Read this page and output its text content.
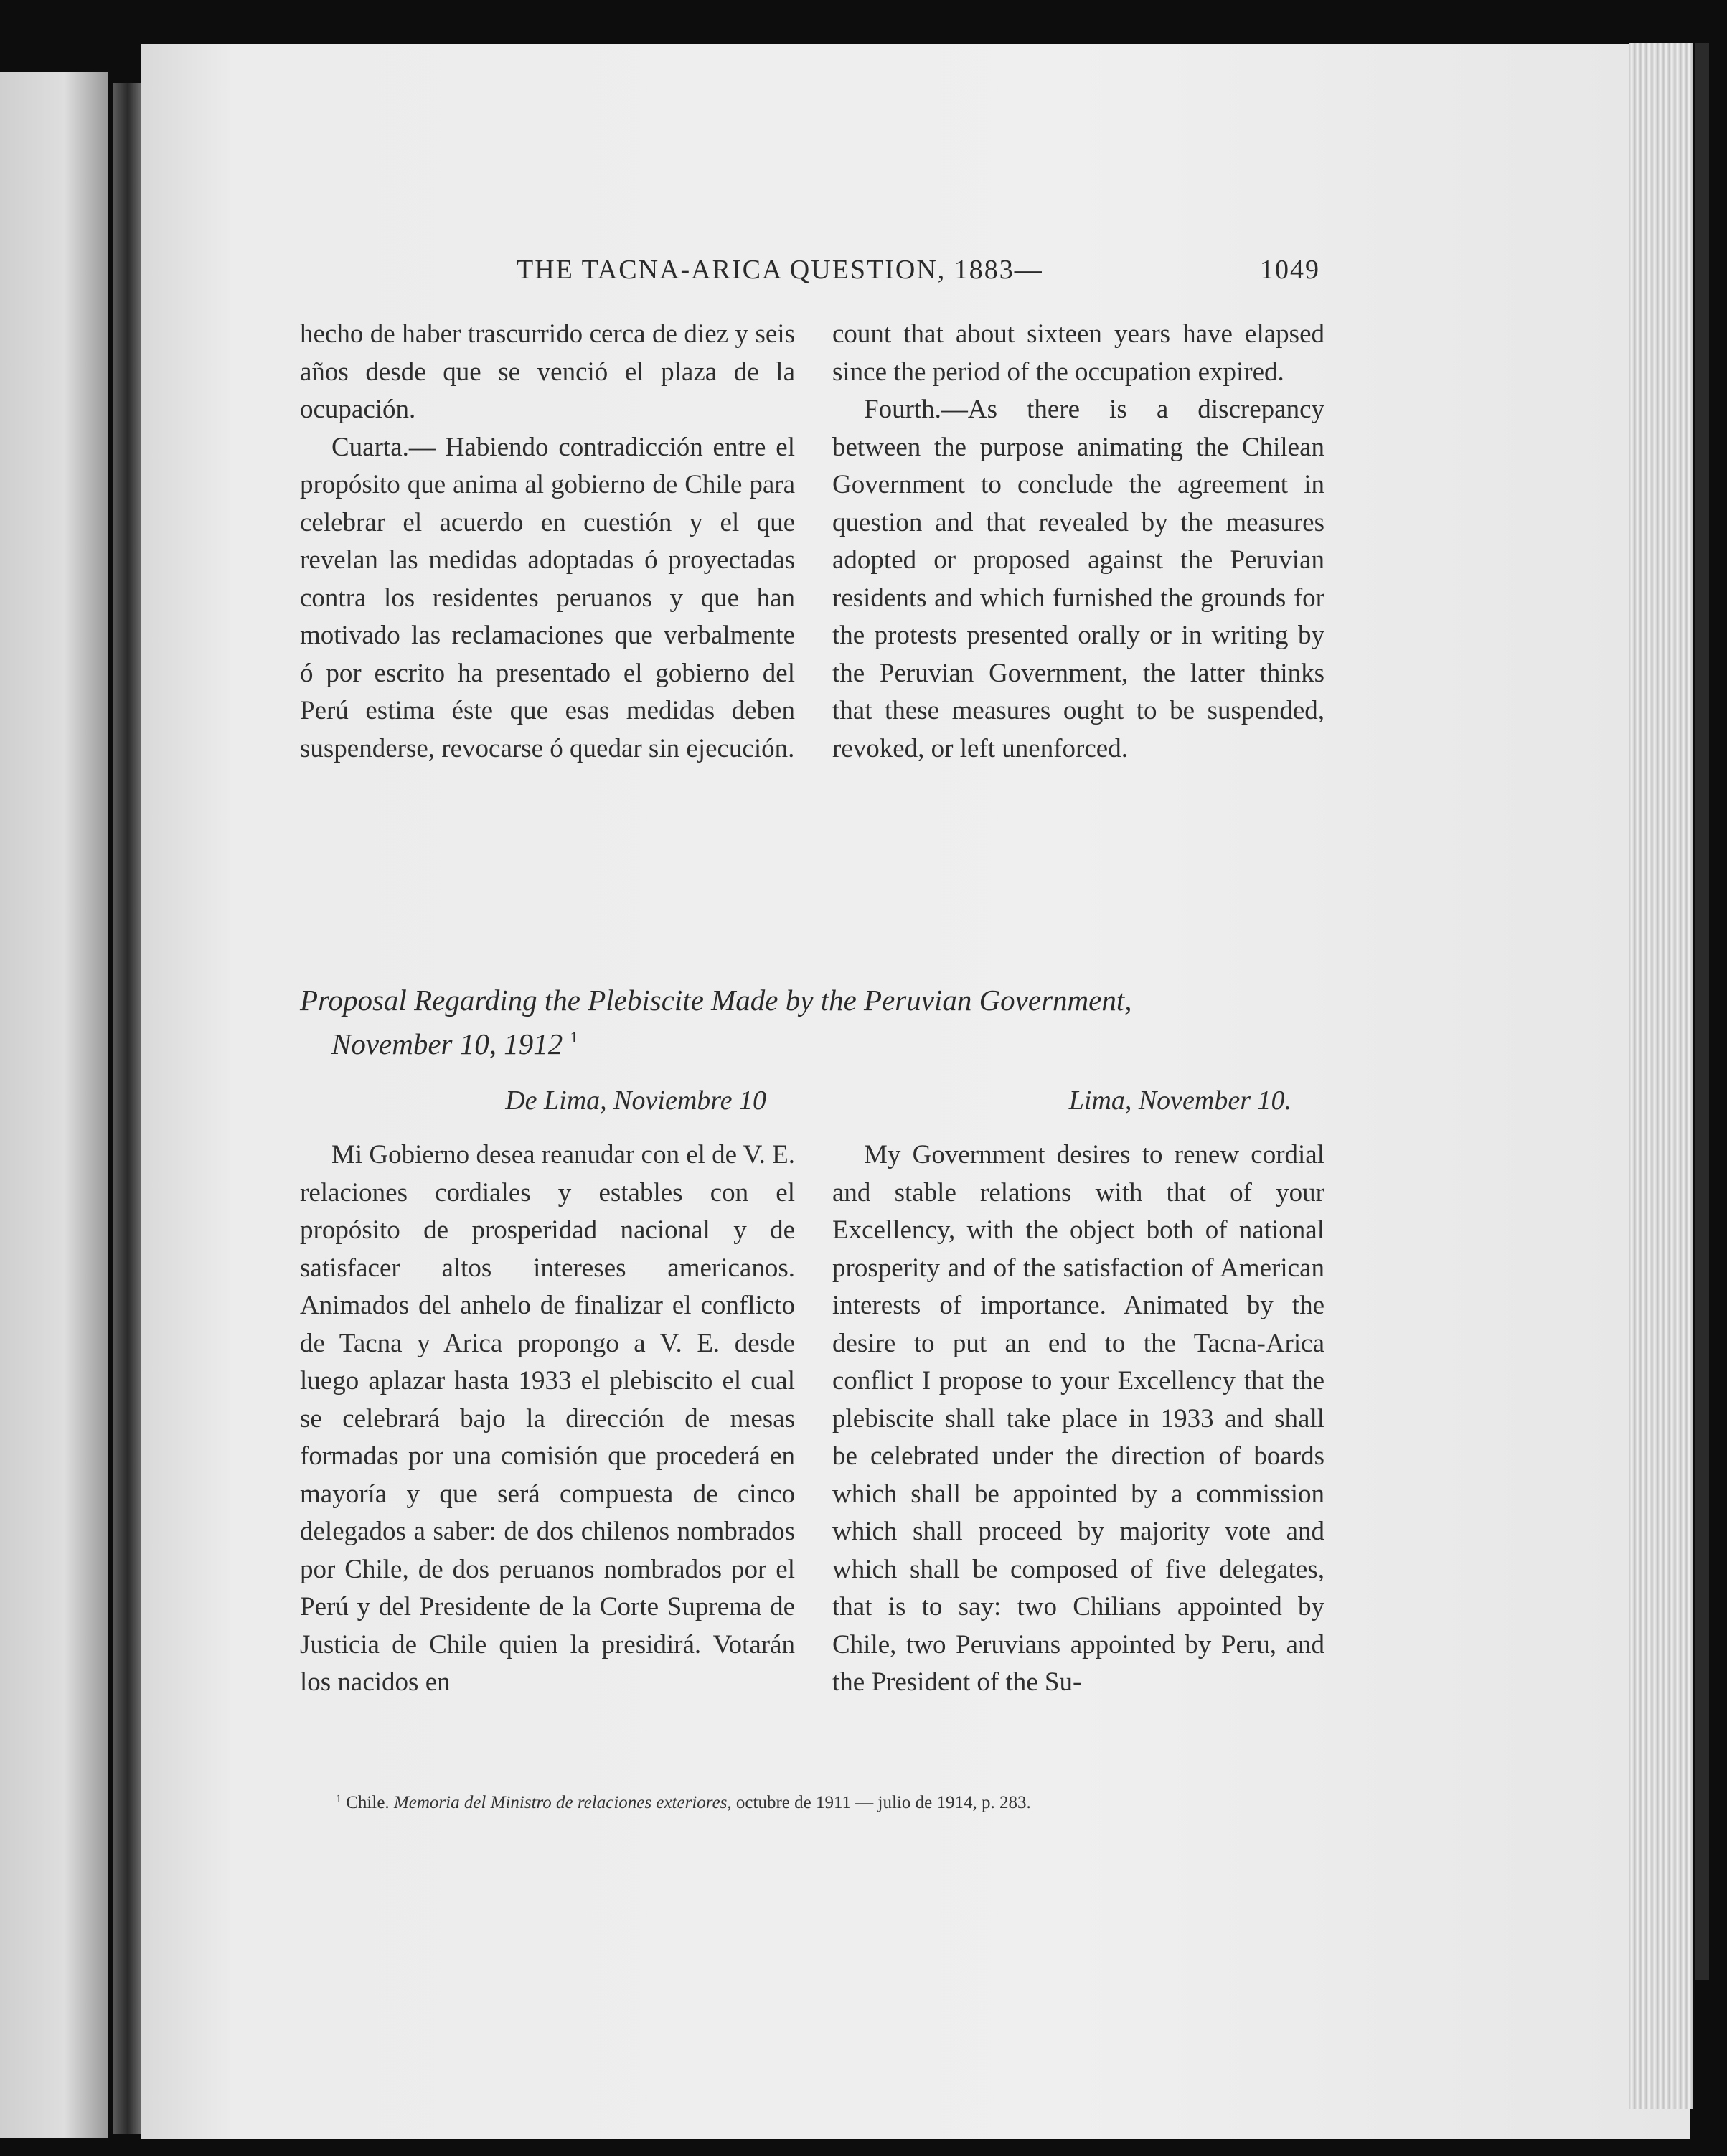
THE TACNA-ARICA QUESTION, 1883—	1049

hecho de haber trascurrido cerca de diez y seis años desde que se venció el plaza de la ocupación.

Cuarta.— Habiendo contradicción entre el propósito que anima al gobierno de Chile para celebrar el acuerdo en cuestión y el que revelan las medidas adoptadas ó proyectadas contra los residentes peruanos y que han motivado las reclamaciones que verbalmente ó por escrito ha presentado el gobierno del Perú estima éste que esas medidas deben suspenderse, revocarse ó quedar sin ejecución.

count that about sixteen years have elapsed since the period of the occupation expired.

Fourth.—As there is a discrepancy between the purpose animating the Chilean Government to conclude the agreement in question and that revealed by the measures adopted or proposed against the Peruvian residents and which furnished the grounds for the protests presented orally or in writing by the Peruvian Government, the latter thinks that these measures ought to be suspended, revoked, or left unenforced.

Proposal Regarding the Plebiscite Made by the Peruvian Government,
November 10, 1912 $^1$
De Lima, Noviembre 10	Lima, November 10.

Mi Gobierno desea reanudar con el de V. E. relaciones cordiales y estables con el propósito de prosperidad nacional y de satisfacer altos intereses americanos. Animados del anhelo de finalizar el conflicto de Tacna y Arica propongo a V. E. desde luego aplazar hasta 1933 el plebiscito el cual se celebrará bajo la dirección de mesas formadas por una comisión que procederá en mayoría y que será compuesta de cinco delegados a saber: de dos chilenos nombrados por Chile, de dos peruanos nombrados por el Perú y del Presidente de la Corte Suprema de Justicia de Chile quien la presidirá. Votarán los nacidos en

My Government desires to renew cordial and stable relations with that of your Excellency, with the object both of national prosperity and of the satisfaction of American interests of importance. Animated by the desire to put an end to the Tacna-Arica conflict I propose to your Excellency that the plebiscite shall take place in 1933 and shall be celebrated under the direction of boards which shall be appointed by a commission which shall proceed by majority vote and which shall be composed of five delegates, that is to say: two Chilians appointed by Chile, two Peruvians appointed by Peru, and the President of the Su-

$^1$ Chile. Memoria del Ministro de relaciones exteriores, octubre de 1911 — julio de 1914, p. 283.
